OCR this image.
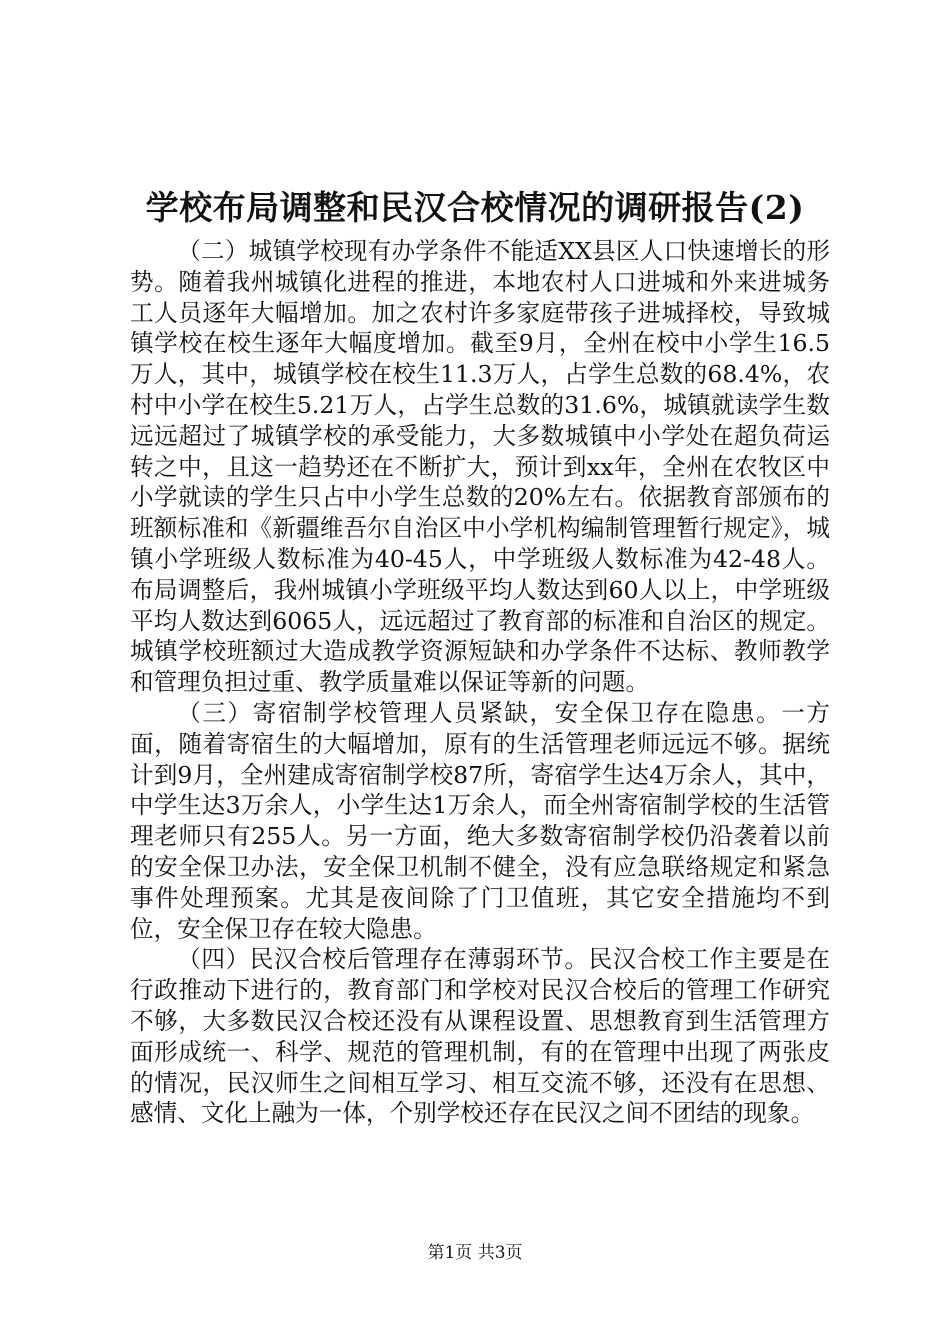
学校布局调整和民汉合校情况的调研报告(2)

（二）城镇学校现有办学条件不能适XX县区人口快速增长的形势。随着我州城镇化进程的推进，本地农村人口进城和外来进城务工人员逐年大幅增加。加之农村许多家庭带孩子进城择校，导致城镇学校在校生逐年大幅度增加。截至9月，全州在校中小学生16.5万人，其中，城镇学校在校生11.3万人，占学生总数的68.4%，农村中小学在校生5.21万人，占学生总数的31.6%，城镇就读学生数远远超过了城镇学校的承受能力，大多数城镇中小学处在超负荷运转之中，且这一趋势还在不断扩大，预计到xx年，全州在农牧区中小学就读的学生只占中小学生总数的20%左右。依据教育部颁布的班额标准和《新疆维吾尔自治区中小学机构编制管理暂行规定》，城镇小学班级人数标准为40-45人，中学班级人数标准为42-48人。布局调整后，我州城镇小学班级平均人数达到60人以上，中学班级平均人数达到6065人，远远超过了教育部的标准和自治区的规定。城镇学校班额过大造成教学资源短缺和办学条件不达标、教师教学和管理负担过重、教学质量难以保证等新的问题。

（三）寄宿制学校管理人员紧缺，安全保卫存在隐患。一方面，随着寄宿生的大幅增加，原有的生活管理老师远远不够。据统计到9月，全州建成寄宿制学校87所，寄宿学生达4万余人，其中，中学生达3万余人，小学生达1万余人，而全州寄宿制学校的生活管理老师只有255人。另一方面，绝大多数寄宿制学校仍沿袭着以前的安全保卫办法，安全保卫机制不健全，没有应急联络规定和紧急事件处理预案。尤其是夜间除了门卫值班，其它安全措施均不到位，安全保卫存在较大隐患。

（四）民汉合校后管理存在薄弱环节。民汉合校工作主要是在行政推动下进行的，教育部门和学校对民汉合校后的管理工作研究不够，大多数民汉合校还没有从课程设置、思想教育到生活管理方面形成统一、科学、规范的管理机制，有的在管理中出现了两张皮的情况，民汉师生之间相互学习、相互交流不够，还没有在思想、感情、文化上融为一体，个别学校还存在民汉之间不团结的现象。

第1页 共3页
